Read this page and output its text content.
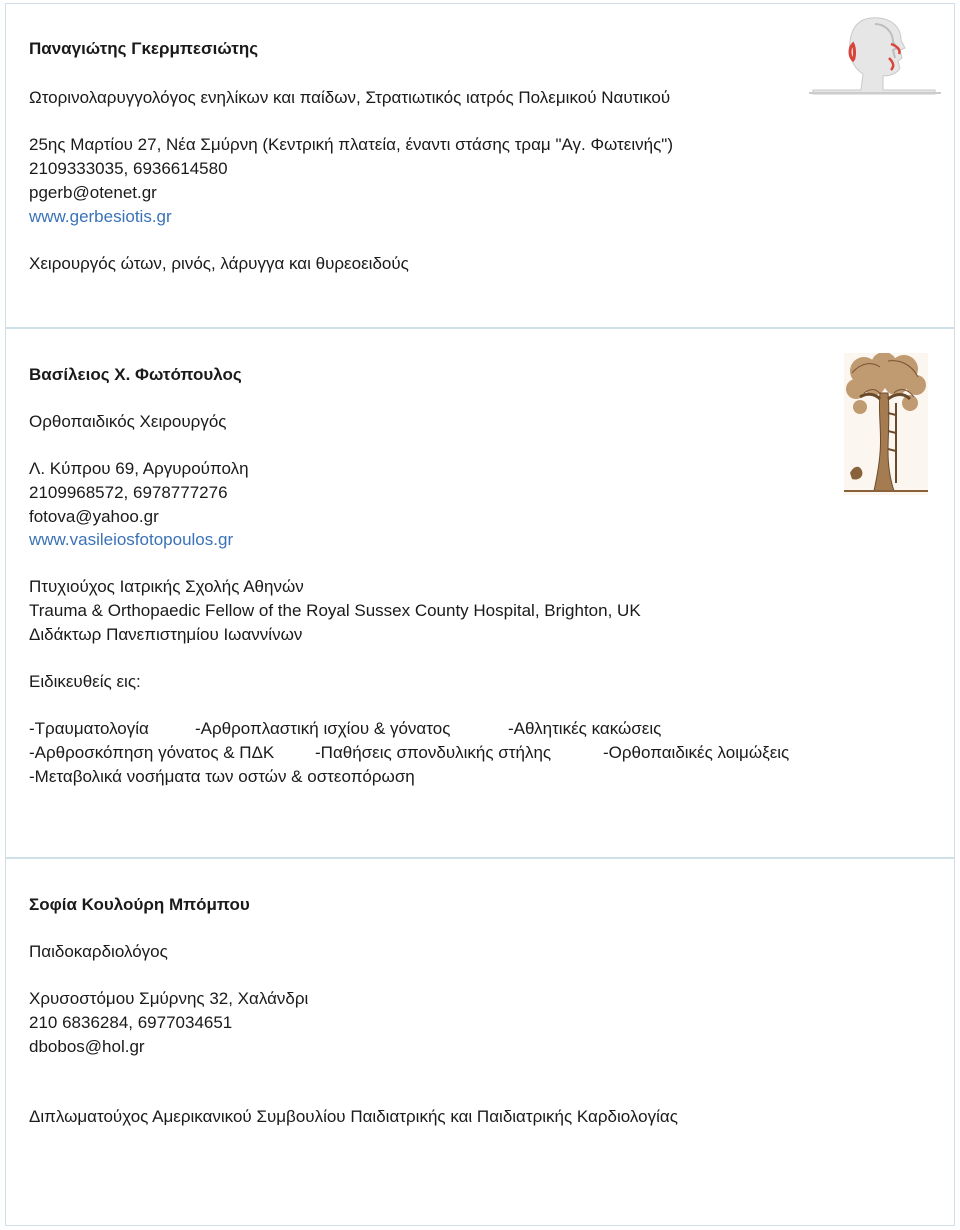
Παναγιώτης Γκερμπεσιώτης
Ωτορινολαρυγγολόγος ενηλίκων και παίδων, Στρατιωτικός ιατρός Πολεμικού Ναυτικού
25ης Μαρτίου 27, Νέα Σμύρνη (Κεντρική πλατεία, έναντι στάσης τραμ "Αγ. Φωτεινής")
2109333035, 6936614580
pgerb@otenet.gr
www.gerbesiotis.gr
Χειρουργός ώτων, ρινός, λάρυγγα και θυρεοειδούς
Βασίλειος Χ. Φωτόπουλος
Ορθοπαιδικός Χειρουργός
Λ. Κύπρου 69, Αργυρούπολη
2109968572, 6978777276
fotova@yahoo.gr
www.vasileiosfotopoulos.gr
Πτυχιούχος Ιατρικής Σχολής Αθηνών
Trauma & Orthopaedic Fellow of the Royal Sussex County Hospital, Brighton, UK
Διδάκτωρ Πανεπιστημίου Ιωαννίνων
Ειδικευθείς εις:
-Τραυματολογία	-Αρθροπλαστική ισχίου & γόνατος	-Αθλητικές κακώσεις
-Αρθροσκόπηση γόνατος & ΠΔΚ -Παθήσεις σπονδυλικής στήλης	-Ορθοπαιδικές λοιμώξεις
-Μεταβολικά νοσήματα των οστών & οστεοπόρωση
Σοφία Κουλούρη Μπόμπου
Παιδοκαρδιολόγος
Χρυσοστόμου Σμύρνης 32, Χαλάνδρι
210 6836284, 6977034651
dbobos@hol.gr
Διπλωματούχος Αμερικανικού Συμβουλίου Παιδιατρικής και Παιδιατρικής Καρδιολογίας
